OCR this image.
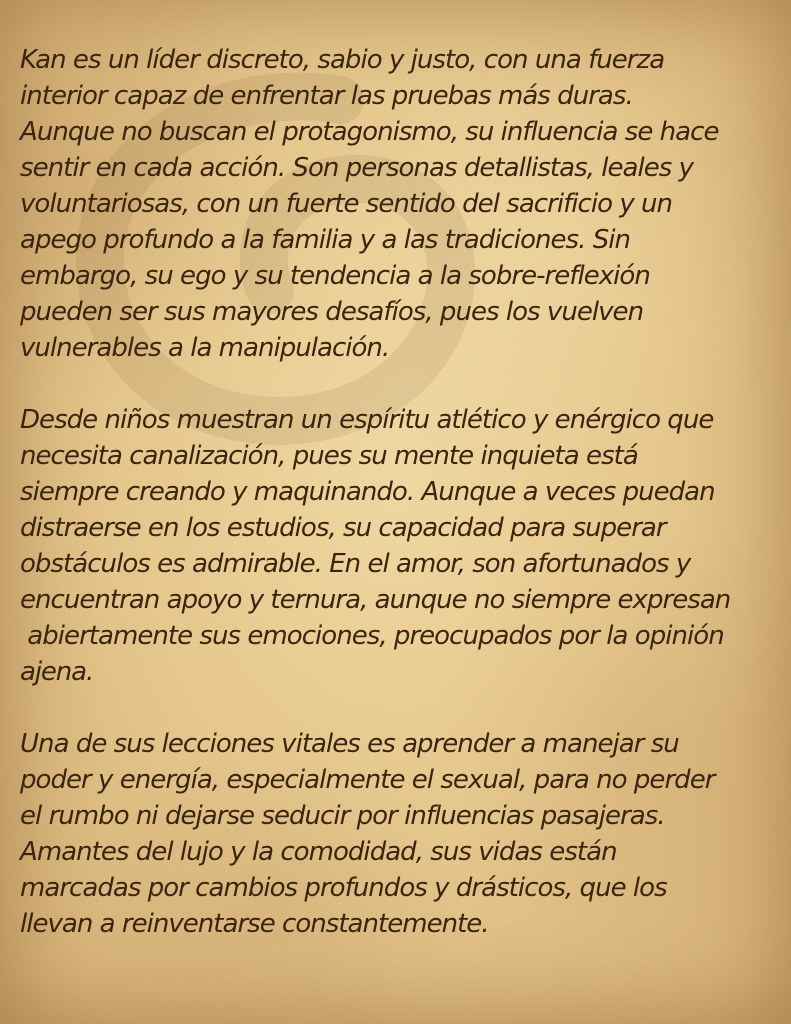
Kan es un líder discreto, sabio y justo, con una fuerza
interior capaz de enfrentar las pruebas más duras.
Aunque no buscan el protagonismo, su influencia se hace
sentir en cada acción. Son personas detallistas, leales y
voluntariosas, con un fuerte sentido del sacrificio y un
apego profundo a la familia y a las tradiciones. Sin
embargo, su ego y su tendencia a la sobre-reflexión
pueden ser sus mayores desafíos, pues los vuelven
vulnerables a la manipulación.

Desde niños muestran un espíritu atlético y enérgico que
necesita canalización, pues su mente inquieta está
siempre creando y maquinando. Aunque a veces puedan
distraerse en los estudios, su capacidad para superar
obstáculos es admirable. En el amor, son afortunados y
encuentran apoyo y ternura, aunque no siempre expresan
abiertamente sus emociones, preocupados por la opinión
ajena.

Una de sus lecciones vitales es aprender a manejar su
poder y energía, especialmente el sexual, para no perder
el rumbo ni dejarse seducir por influencias pasajeras.
Amantes del lujo y la comodidad, sus vidas están
marcadas por cambios profundos y drásticos, que los
llevan a reinventarse constantemente.
